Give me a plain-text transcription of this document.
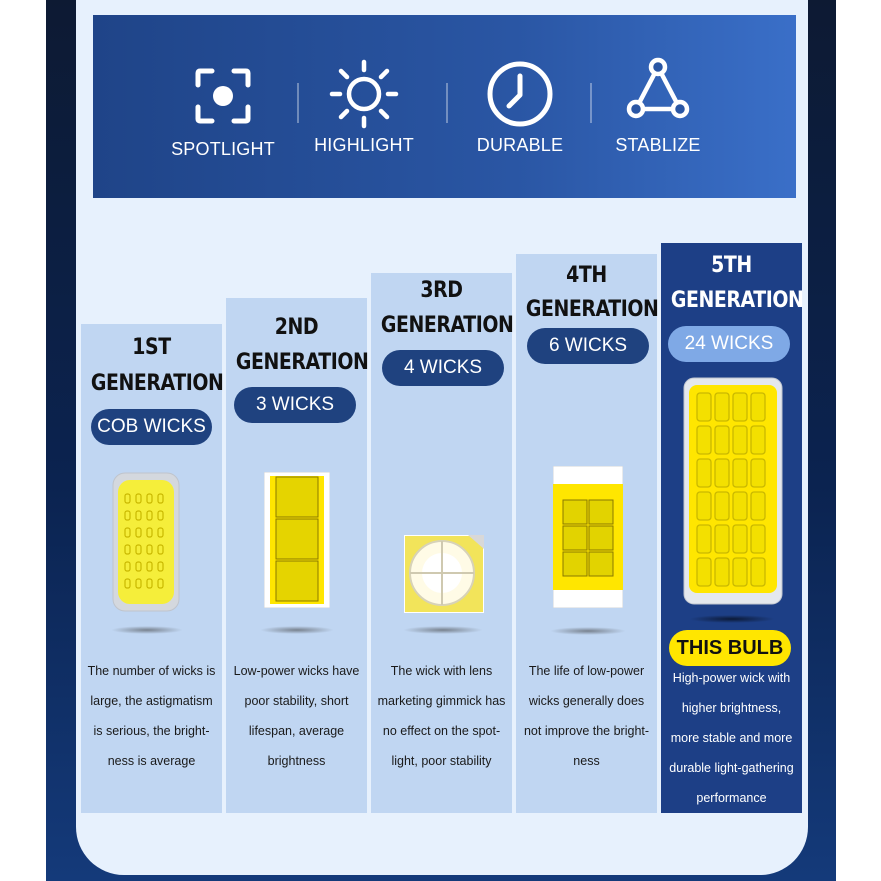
SPOTLIGHT	HIGHLIGHT	DURABLE	STABLIZE
1ST
GENERATION
COB WICKS
The number of wicks is
large, the astigmatism
is serious, the bright-
ness is average
2ND
GENERATION
3 WICKS
Low-power wicks have
poor stability, short
lifespan, average
brightness
3RD
GENERATION
4 WICKS
The wick with lens
marketing gimmick has
no effect on the spot-
light, poor stability
4TH
GENERATION
6 WICKS
The life of low-power
wicks generally does
not improve the bright-
ness
5TH
GENERATION
24 WICKS
THIS BULB
High-power wick with
higher brightness,
more stable and more
durable light-gathering
performance
